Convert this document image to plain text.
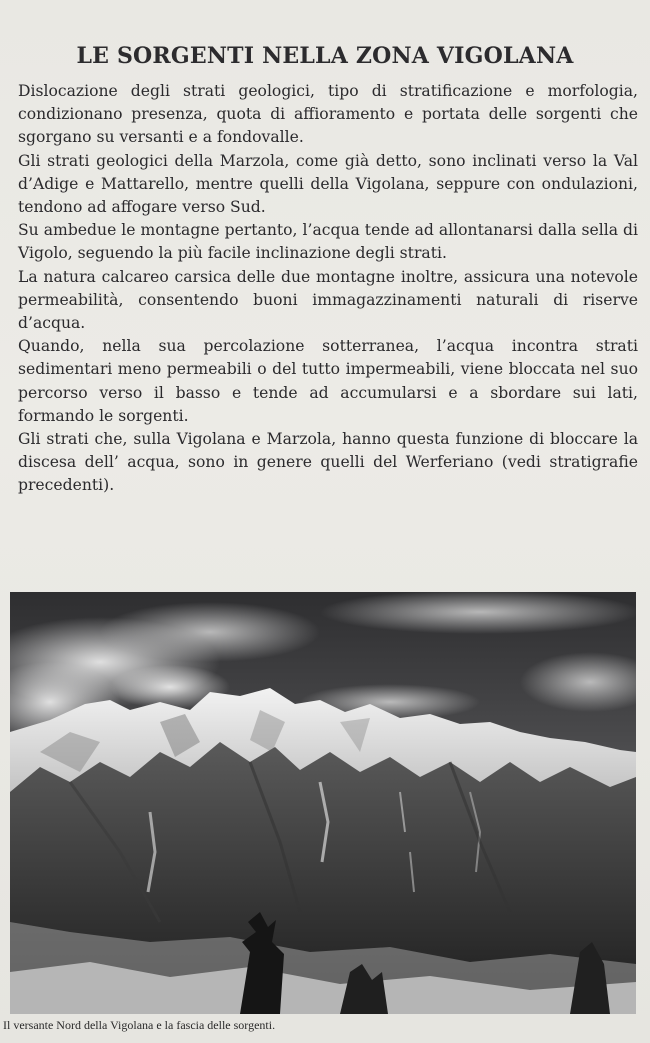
LE SORGENTI NELLA ZONA VIGOLANA

Dislocazione degli strati geologici, tipo di stratificazione e morfologia, condizionano presenza, quota di affioramento e portata delle sorgenti che sgorgano su versanti e a fondovalle.

Gli strati geologici della Marzola, come già detto, sono inclinati verso la Val d’Adige e Mattarello, mentre quelli della Vigolana, seppure con ondulazioni, tendono ad affogare verso Sud.

Su ambedue le montagne pertanto, l’acqua tende ad allontanarsi dalla sella di Vigolo, seguendo la più facile inclinazione degli strati.

La natura calcareo carsica delle due montagne inoltre, assicura una notevole permeabilità, consentendo buoni immagazzinamenti naturali di riserve d’acqua.

Quando, nella sua percolazione sotterranea, l’acqua incontra strati sedimentari meno permeabili o del tutto impermeabili, viene bloccata nel suo percorso verso il basso e tende ad accumularsi e a sbordare sui lati, formando le sorgenti.

Gli strati che, sulla Vigolana e Marzola, hanno questa funzione di bloccare la discesa dell’ acqua, sono in genere quelli del Werferiano (vedi stratigrafie precedenti).

Il versante Nord della Vigolana e la fascia delle sorgenti.
